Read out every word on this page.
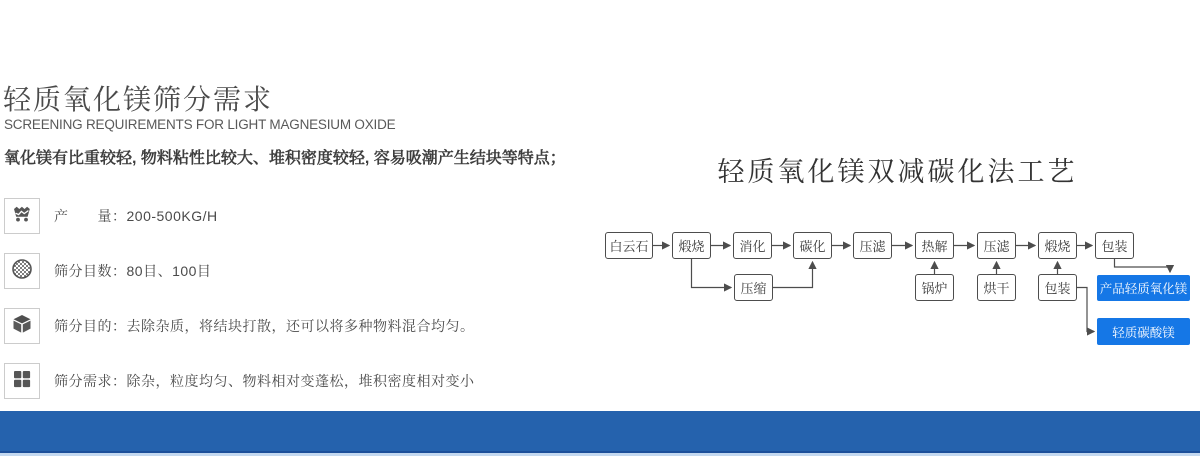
轻质氧化镁筛分需求
SCREENING REQUIREMENTS FOR LIGHT MAGNESIUM OXIDE
氧化镁有比重较轻, 物料粘性比较大、堆积密度较轻, 容易吸潮产生结块等特点；
产　　量：200-500KG/H
筛分目数：80目、100目
筛分目的：去除杂质，将结块打散，还可以将多种物料混合均匀。
筛分需求：除杂，粒度均匀、物料相对变蓬松，堆积密度相对变小
轻质氧化镁双减碳化法工艺
白云石	煅烧	消化	碳化	压滤	热解	压滤	煅烧	包装
压缩	锅炉	烘干	包装	产品轻质氧化镁
轻质碳酸镁
